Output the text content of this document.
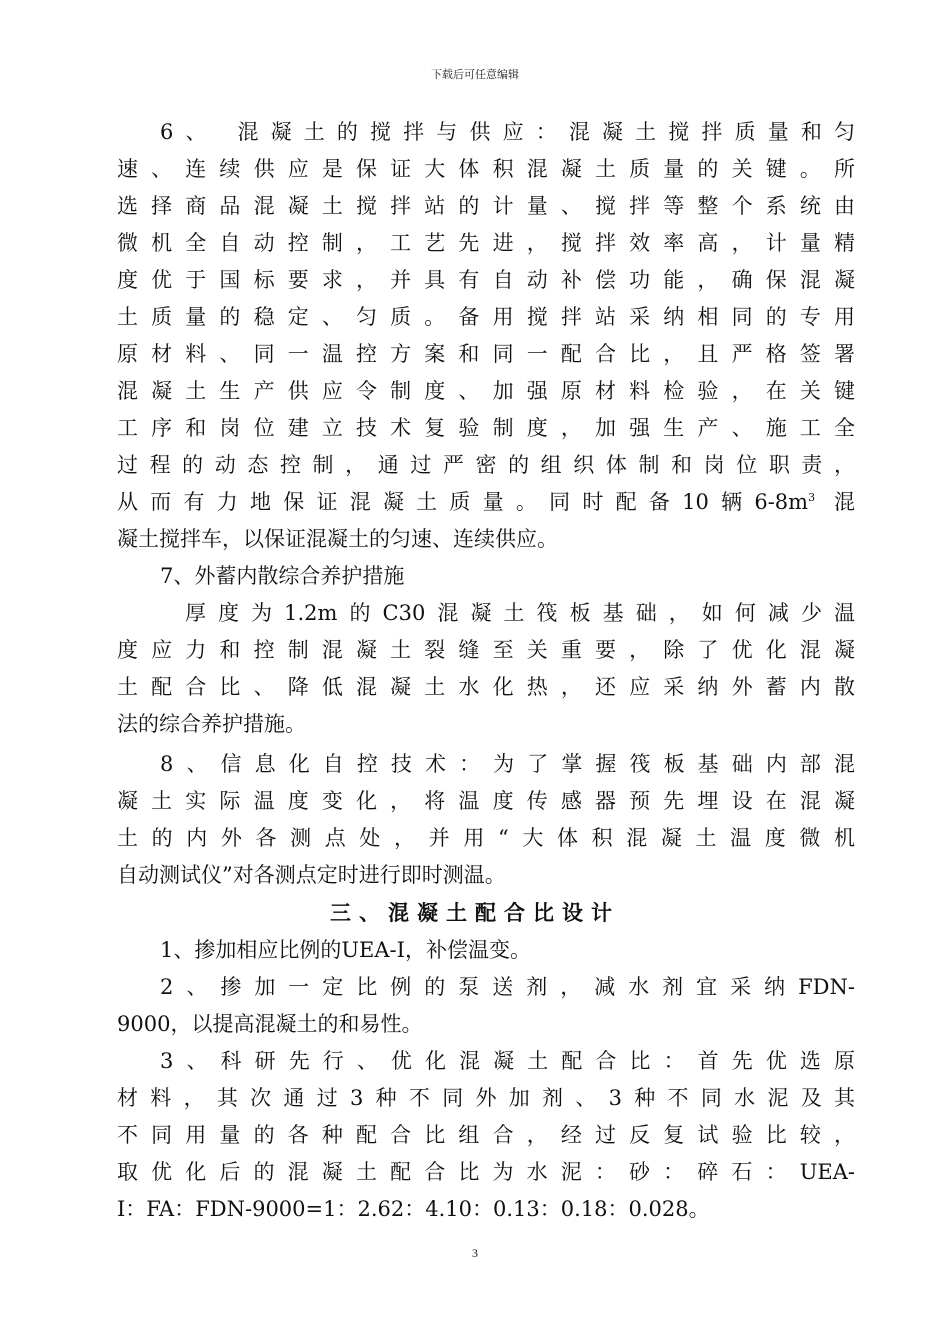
下载后可任意编辑
6、 混凝土的搅拌与供应：混凝土搅拌质量和匀
速、连续供应是保证大体积混凝土质量的关键。所
选择商品混凝土搅拌站的计量、搅拌等整个系统由
微机全自动控制，工艺先进，搅拌效率高，计量精
度优于国标要求，并具有自动补偿功能，确保混凝
土质量的稳定、匀质。备用搅拌站采纳相同的专用
原材料、同一温控方案和同一配合比，且严格签署
混凝土生产供应令制度、加强原材料检验，在关键
工序和岗位建立技术复验制度，加强生产、施工全
过程的动态控制，通过严密的组织体制和岗位职责，
从而有力地保证混凝土质量。同时配备10辆$6-8m^3$ 混
凝土搅拌车，以保证混凝土的匀速、连续供应。
7、外蓄内散综合养护措施
厚度为1.2m的C30混凝土筏板基础，如何减少温
度应力和控制混凝土裂缝至关重要，除了优化混凝
土配合比、降低混凝土水化热，还应采纳外蓄内散
法的综合养护措施。
8、信息化自控技术：为了掌握筏板基础内部混
凝土实际温度变化，将温度传感器预先埋设在混凝
土的内外各测点处，并用“大体积混凝土温度微机
自动测试仪”对各测点定时进行即时测温。
三、混凝土配合比设计
1、掺加相应比例的UEA-Ⅰ，补偿温变。
2、掺加一定比例的泵送剂，减水剂宜采纳FDN-
9000，以提高混凝土的和易性。
3、科研先行、优化混凝土配合比：首先优选原
材料，其次通过3种不同外加剂、3种不同水泥及其
不同用量的各种配合比组合，经过反复试验比较，
取优化后的混凝土配合比为水泥：砂：碎石：UEA-
Ⅰ：FA：FDN-9000=1：2.62：4.10：0.13：0.18：0.028。
3
